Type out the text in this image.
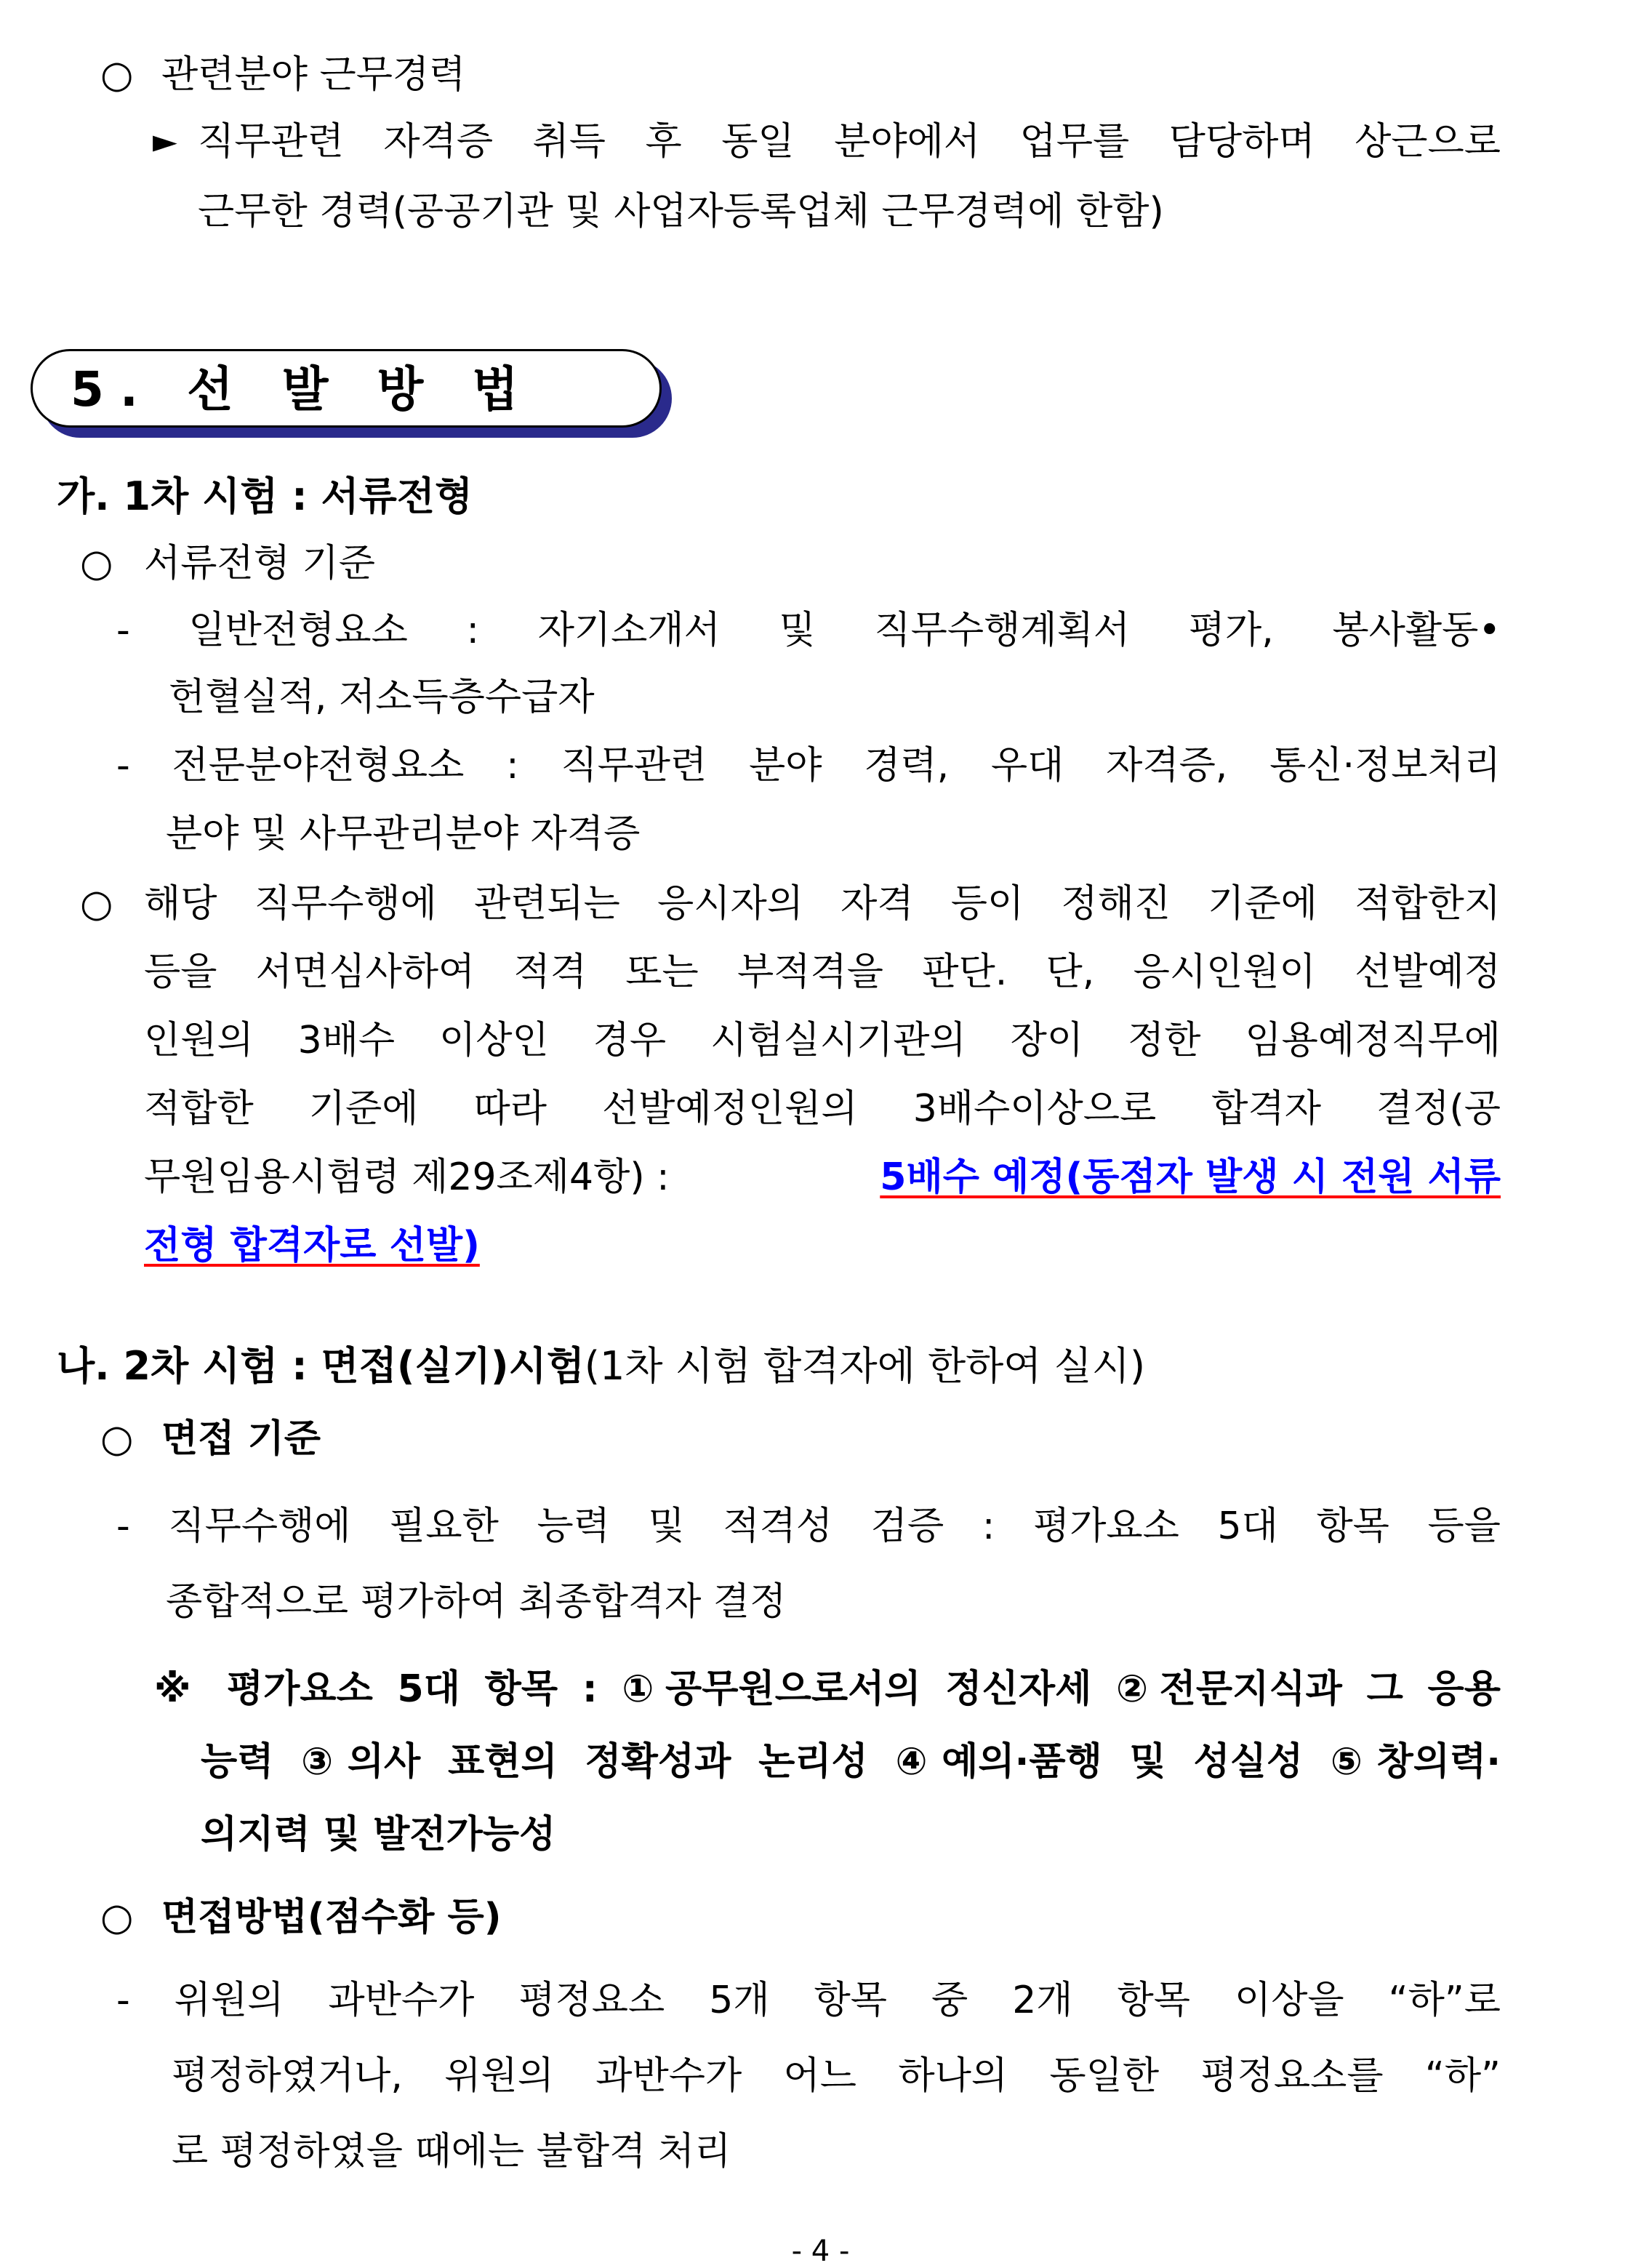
○ 관련분야 근무경력
► 직무관련 자격증 취득 후 동일 분야에서 업무를 담당하며 상근으로
근무한 경력(공공기관 및 사업자등록업체 근무경력에 한함)
5. 선 발 방 법
가. 1차 시험 : 서류전형
○ 서류전형 기준
- 일반전형요소 : 자기소개서 및 직무수행계획서 평가, 봉사활동•
헌혈실적, 저소득층수급자
- 전문분야전형요소 : 직무관련 분야 경력, 우대 자격증, 통신·정보처리
분야 및 사무관리분야 자격증
○ 해당 직무수행에 관련되는 응시자의 자격 등이 정해진 기준에 적합한지
등을 서면심사하여 적격 또는 부적격을 판단. 단, 응시인원이 선발예정
인원의 3배수 이상인 경우 시험실시기관의 장이 정한 임용예정직무에
적합한 기준에 따라 선발예정인원의 3배수이상으로 합격자 결정(공
무원임용시험령 제29조제4항) :	5배수 예정(동점자 발생 시 전원 서류
전형 합격자로 선발)
나. 2차 시험 : 면접(실기)시험(1차 시험 합격자에 한하여 실시)
○ 면접 기준
- 직무수행에 필요한 능력 및 적격성 검증 : 평가요소 5대 항목 등을
종합적으로 평가하여 최종합격자 결정
※ 평가요소 5대 항목 : ①공무원으로서의 정신자세 ②전문지식과 그 응용
능력 ③의사 표현의 정확성과 논리성 ④예의·품행 및 성실성 ⑤창의력·
의지력 및 발전가능성
○ 면접방법(점수화 등)
- 위원의 과반수가 평정요소 5개 항목 중 2개 항목 이상을 “하”로
평정하였거나, 위원의 과반수가 어느 하나의 동일한 평정요소를 “하”
로 평정하였을 때에는 불합격 처리
- 4 -
